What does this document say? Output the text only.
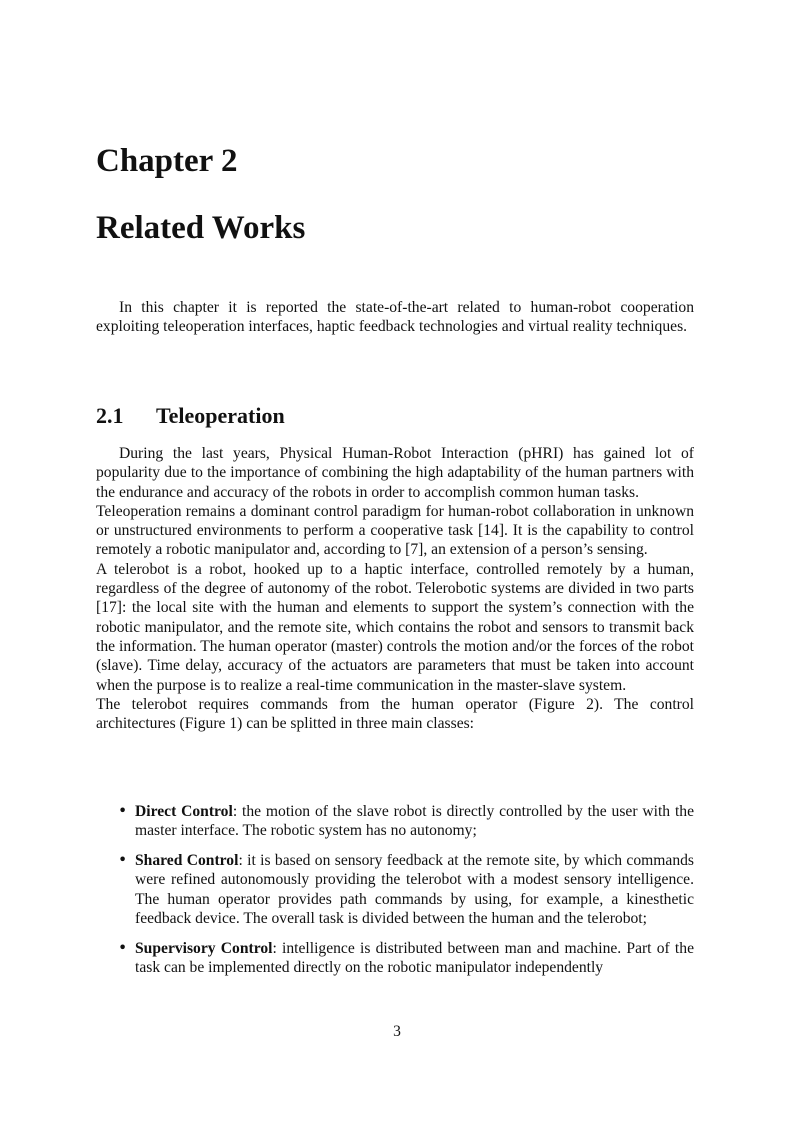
Chapter 2
Related Works

In this chapter it is reported the state-of-the-art related to human-robot cooperation exploiting teleoperation interfaces, haptic feedback technologies and virtual reality techniques.

2.1 Teleoperation

During the last years, Physical Human-Robot Interaction (pHRI) has gained lot of popularity due to the importance of combining the high adaptability of the human partners with the endurance and accuracy of the robots in order to accomplish common human tasks.

Teleoperation remains a dominant control paradigm for human-robot collaboration in unknown or unstructured environments to perform a cooperative task [14]. It is the capability to control remotely a robotic manipulator and, according to [7], an extension of a person’s sensing.

A telerobot is a robot, hooked up to a haptic interface, controlled remotely by a human, regardless of the degree of autonomy of the robot. Telerobotic systems are divided in two parts [17]: the local site with the human and elements to support the system’s connection with the robotic manipulator, and the remote site, which contains the robot and sensors to transmit back the information. The human operator (master) controls the motion and/or the forces of the robot (slave). Time delay, accuracy of the actuators are parameters that must be taken into account when the purpose is to realize a real-time communication in the master-slave system.

The telerobot requires commands from the human operator (Figure 2). The control architectures (Figure 1) can be splitted in three main classes:

• Direct Control: the motion of the slave robot is directly controlled by the user with the master interface. The robotic system has no autonomy;

• Shared Control: it is based on sensory feedback at the remote site, by which commands were refined autonomously providing the telerobot with a modest sensory intelligence. The human operator provides path commands by using, for example, a kinesthetic feedback device. The overall task is divided between the human and the telerobot;

• Supervisory Control: intelligence is distributed between man and machine. Part of the task can be implemented directly on the robotic manipulator independently

3
